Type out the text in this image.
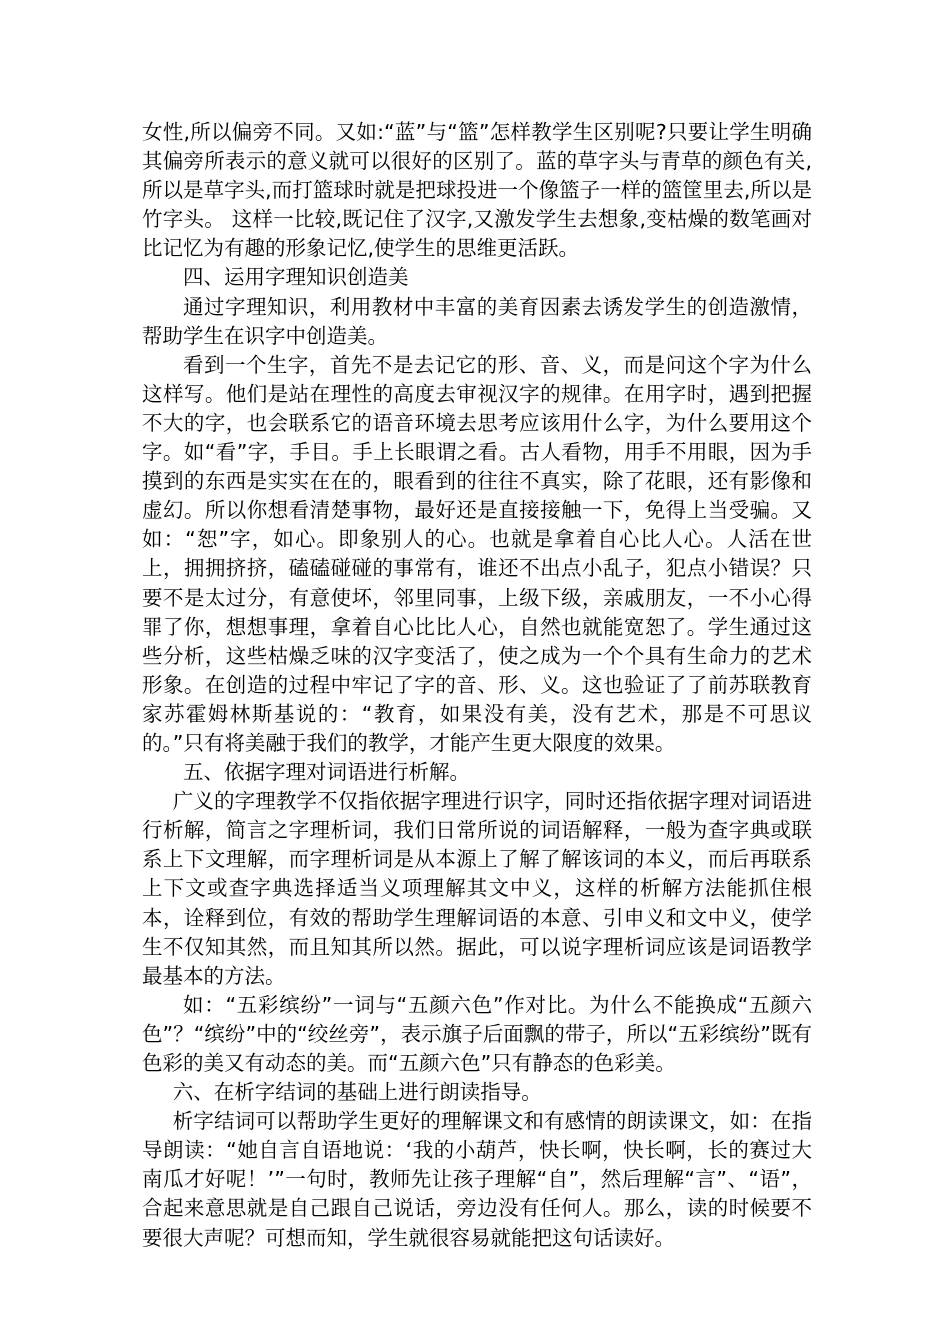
女性,所以偏旁不同。又如:“蓝”与“篮”怎样教学生区别呢?只要让学生明确其偏旁所表示的意义就可以很好的区别了。蓝的草字头与青草的颜色有关,所以是草字头,而打篮球时就是把球投进一个像篮子一样的篮筐里去,所以是竹字头。 这样一比较,既记住了汉字,又激发学生去想象,变枯燥的数笔画对比记忆为有趣的形象记忆,使学生的思维更活跃。

四、运用字理知识创造美

通过字理知识，利用教材中丰富的美育因素去诱发学生的创造激情，帮助学生在识字中创造美。

看到一个生字，首先不是去记它的形、音、义，而是问这个字为什么这样写。他们是站在理性的高度去审视汉字的规律。在用字时，遇到把握不大的字，也会联系它的语音环境去思考应该用什么字，为什么要用这个字。如“看”字，手目。手上长眼谓之看。古人看物，用手不用眼，因为手摸到的东西是实实在在的，眼看到的往往不真实，除了花眼，还有影像和虚幻。所以你想看清楚事物，最好还是直接接触一下，免得上当受骗。又如：“恕”字，如心。即象别人的心。也就是拿着自心比人心。人活在世上，拥拥挤挤，磕磕碰碰的事常有，谁还不出点小乱子，犯点小错误？只要不是太过分，有意使坏，邻里同事，上级下级，亲戚朋友，一不小心得罪了你，想想事理，拿着自心比比人心，自然也就能宽恕了。学生通过这些分析，这些枯燥乏味的汉字变活了，使之成为一个个具有生命力的艺术形象。在创造的过程中牢记了字的音、形、义。这也验证了了前苏联教育家苏霍姆林斯基说的：“教育，如果没有美，没有艺术，那是不可思议的。”只有将美融于我们的教学，才能产生更大限度的效果。

五、依据字理对词语进行析解。

广义的字理教学不仅指依据字理进行识字，同时还指依据字理对词语进行析解，简言之字理析词，我们日常所说的词语解释，一般为查字典或联系上下文理解，而字理析词是从本源上了解了解该词的本义，而后再联系上下文或查字典选择适当义项理解其文中义，这样的析解方法能抓住根本，诠释到位，有效的帮助学生理解词语的本意、引申义和文中义，使学生不仅知其然，而且知其所以然。据此，可以说字理析词应该是词语教学最基本的方法。

如：“五彩缤纷”一词与“五颜六色”作对比。为什么不能换成“五颜六色”？“缤纷”中的“绞丝旁”，表示旗子后面飘的带子，所以“五彩缤纷”既有色彩的美又有动态的美。而“五颜六色”只有静态的色彩美。

六、在析字结词的基础上进行朗读指导。

析字结词可以帮助学生更好的理解课文和有感情的朗读课文，如：在指导朗读：“她自言自语地说：‘我的小葫芦，快长啊，快长啊，长的赛过大南瓜才好呢！’”一句时，教师先让孩子理解“自”，然后理解“言”、“语”，合起来意思就是自己跟自己说话，旁边没有任何人。那么，读的时候要不要很大声呢？可想而知，学生就很容易就能把这句话读好。
